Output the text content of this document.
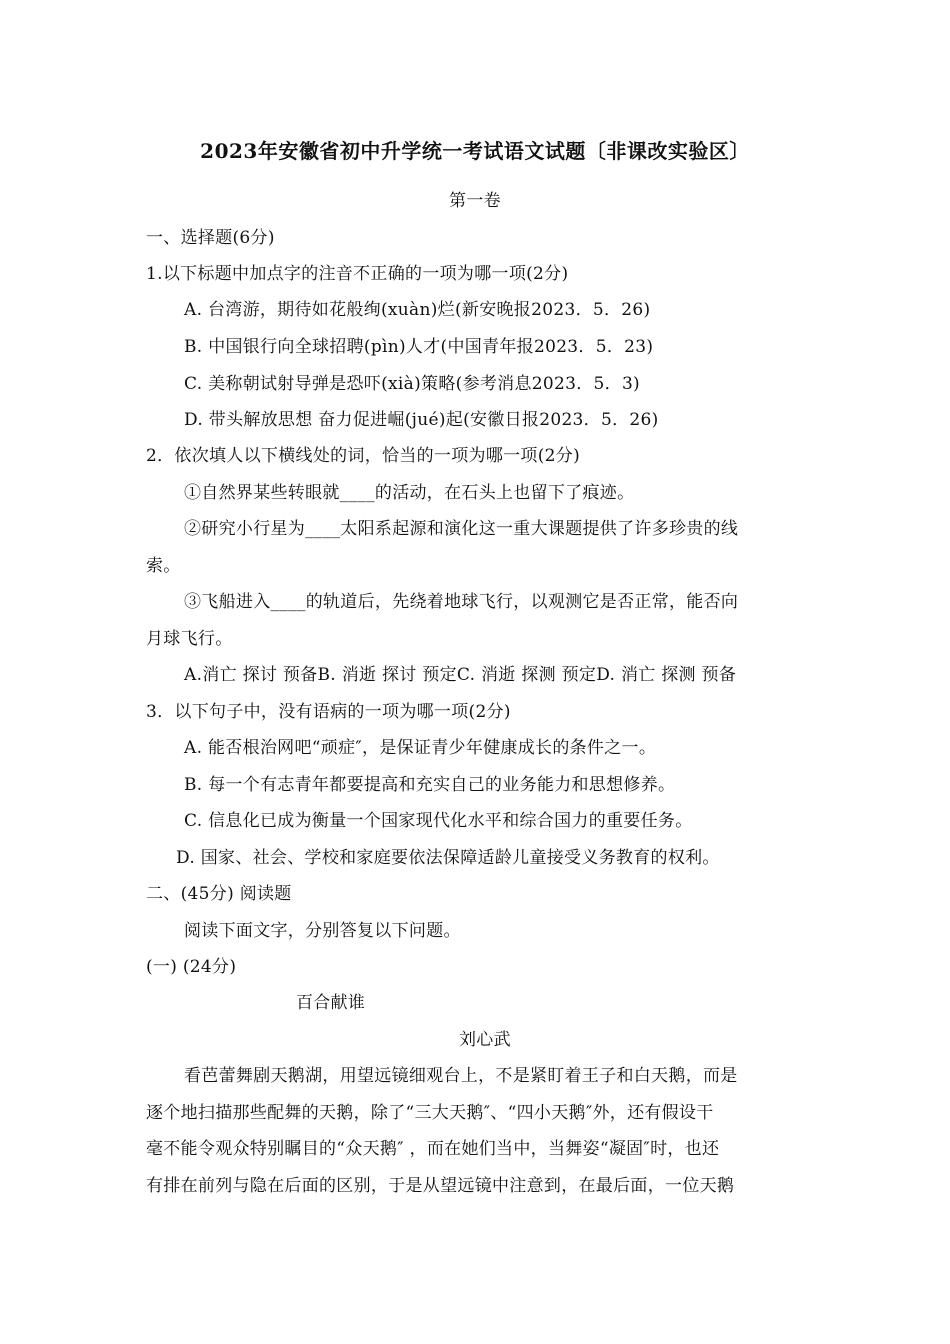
2023年安徽省初中升学统一考试语文试题〔非课改实验区〕
第一卷
一、选择题(6分)
1.以下标题中加点字的注音不正确的一项为哪一项(2分)
A. 台湾游，期待如花般绚(xuàn)烂(新安晚报2023．5．26)
B. 中国银行向全球招聘(pìn)人才(中国青年报2023．5．23)
C. 美称朝试射导弹是恐吓(xià)策略(参考消息2023．5．3)
D. 带头解放思想 奋力促进崛(jué)起(安徽日报2023．5．26)
2．依次填人以下横线处的词，恰当的一项为哪一项(2分)
①自然界某些转眼就____的活动，在石头上也留下了痕迹。
②研究小行星为____太阳系起源和演化这一重大课题提供了许多珍贵的线
索。
③飞船进入____的轨道后，先绕着地球飞行，以观测它是否正常，能否向
月球飞行。
A.消亡 探讨 预备B. 消逝 探讨 预定C. 消逝 探测 预定D. 消亡 探测 预备
3．以下句子中，没有语病的一项为哪一项(2分)
A. 能否根治网吧“顽症″，是保证青少年健康成长的条件之一。
B. 每一个有志青年都要提高和充实自己的业务能力和思想修养。
C. 信息化已成为衡量一个国家现代化水平和综合国力的重要任务。
D. 国家、社会、学校和家庭要依法保障适龄儿童接受义务教育的权利。
二、(45分) 阅读题
阅读下面文字，分别答复以下问题。
(一) (24分)
百合献谁
刘心武
看芭蕾舞剧天鹅湖，用望远镜细观台上，不是紧盯着王子和白天鹅，而是
逐个地扫描那些配舞的天鹅，除了“三大天鹅″、“四小天鹅″外，还有假设干
毫不能令观众特别瞩目的“众天鹅″ ，而在她们当中，当舞姿“凝固″时，也还
有排在前列与隐在后面的区别，于是从望远镜中注意到，在最后面，一位天鹅
